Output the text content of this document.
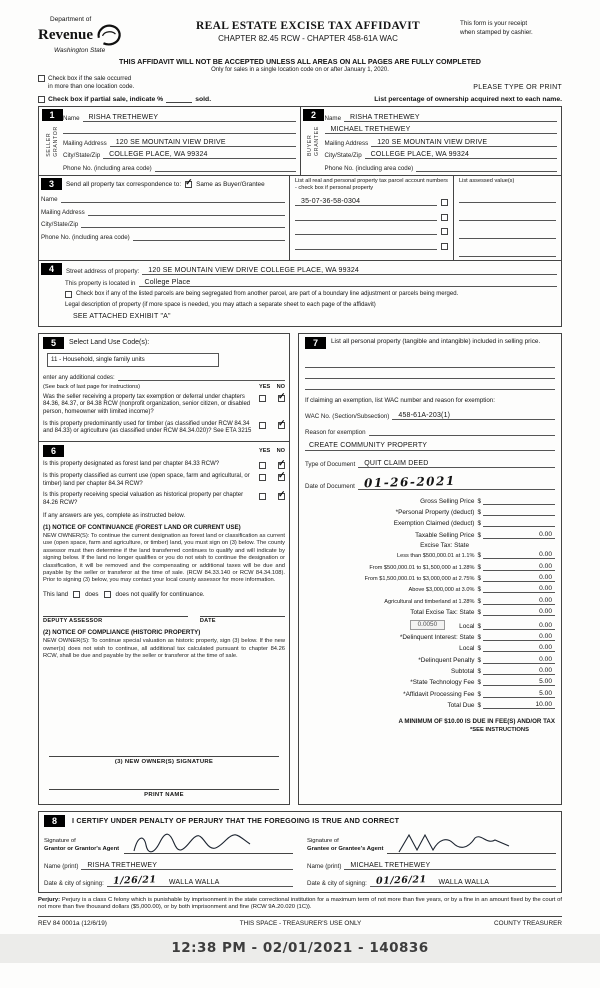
Department of
Revenue
Washington State
REAL ESTATE EXCISE TAX AFFIDAVIT
CHAPTER 82.45 RCW - CHAPTER 458-61A WAC
This form is your receipt
when stamped by cashier.
THIS AFFIDAVIT WILL NOT BE ACCEPTED UNLESS ALL AREAS ON ALL PAGES ARE FULLY COMPLETED
Only for sales in a single location code on or after January 1, 2020.
Check box if the sale occurred
in more than one location code.	PLEASE TYPE OR PRINT
Check box if partial sale, indicate %	sold.	List percentage of ownership acquired next to each name.
1
SELLER GRANTOR
Name	RISHA TRETHEWEY
Mailing Address	120 SE MOUNTAIN VIEW DRIVE
City/State/Zip	COLLEGE PLACE, WA 99324
Phone No. (including area code)
2
BUYER GRANTEE
Name	RISHA TRETHEWEY
MICHAEL TRETHEWEY
Mailing Address	120 SE MOUNTAIN VIEW DRIVE
City/State/Zip	COLLEGE PLACE, WA 99324
Phone No. (including area code)
3	Send all property tax correspondence to: ✓ Same as Buyer/Grantee
Name
Mailing Address
City/State/Zip
Phone No. (including area code)
List all real and personal property tax parcel account numbers - check box if personal property
35-07-36-58-0304
List assessed value(s)
4	Street address of property:	120 SE MOUNTAIN VIEW DRIVE COLLEGE PLACE, WA 99324
This property is located in	College Place
Check box if any of the listed parcels are being segregated from another parcel, are part of a boundary line adjustment or parcels being merged.
Legal description of property (if more space is needed, you may attach a separate sheet to each page of the affidavit)
SEE ATTACHED EXHIBIT "A"
5	Select Land Use Code(s):
11 - Household, single family units
enter any additional codes:
(See back of last page for instructions)	YES NO
Was the seller receiving a property tax exemption or deferral under chapters 84.36, 84.37, or 84.38 RCW (nonprofit organization, senior citizen, or disabled person, homeowner with limited income)?
✓
Is this property predominantly used for timber (as classified under RCW 84.34 and 84.33) or agriculture (as classified under RCW 84.34.020)? See ETA 3215
✓
6	YES NO
Is this property designated as forest land per chapter 84.33 RCW?	✓
Is this property classified as current use (open space, farm and agricultural, or timber) land per chapter 84.34 RCW?
✓
Is this property receiving special valuation as historical property per chapter 84.26 RCW?
✓
If any answers are yes, complete as instructed below.
(1) NOTICE OF CONTINUANCE (FOREST LAND OR CURRENT USE)
NEW OWNER(S): To continue the current designation as forest land or classification as current use (open space, farm and agriculture, or timber) land, you must sign on (3) below. The county assessor must then determine if the land transferred continues to qualify and will indicate by signing below. If the land no longer qualifies or you do not wish to continue the designation or classification, it will be removed and the compensating or additional taxes will be due and payable by the seller or transferor at the time of sale. (RCW 84.33.140 or RCW 84.34.108). Prior to signing (3) below, you may contact your local county assessor for more information.
This land	does	does not qualify for continuance.
DEPUTY ASSESSOR	DATE
(2) NOTICE OF COMPLIANCE (HISTORIC PROPERTY)
NEW OWNER(S): To continue special valuation as historic property, sign (3) below. If the new owner(s) does not wish to continue, all additional tax calculated pursuant to chapter 84.26 RCW, shall be due and payable by the seller or transferor at the time of sale.
(3) NEW OWNER(S) SIGNATURE
PRINT NAME
7	List all personal property (tangible and intangible) included in selling price.
If claiming an exemption, list WAC number and reason for exemption:
WAC No. (Section/Subsection)	458-61A-203(1)
Reason for exemption
CREATE COMMUNITY PROPERTY
Type of Document	QUIT CLAIM DEED
Date of Document 01-26-2021
Gross Selling Price $
*Personal Property (deduct) $
Exemption Claimed (deduct) $
Taxable Selling Price $	0.00
Excise Tax: State
Less than $500,000.01 at 1.1% $	0.00
From $500,000.01 to $1,500,000 at 1.28% $	0.00
From $1,500,000.01 to $3,000,000 at 2.75% $	0.00
Above $3,000,000 at 3.0% $	0.00
Agricultural and timberland at 1.28% $	0.00
Total Excise Tax: State $	0.00
0.0050	Local $	0.00
*Delinquent Interest: State $	0.00
Local $	0.00
*Delinquent Penalty $	0.00
Subtotal $	0.00
*State Technology Fee $	5.00
*Affidavit Processing Fee $	5.00
Total Due $	10.00
A MINIMUM OF $10.00 IS DUE IN FEE(S) AND/OR TAX
*SEE INSTRUCTIONS
8	I CERTIFY UNDER PENALTY OF PERJURY THAT THE FOREGOING IS TRUE AND CORRECT
Signature of
Grantor or Grantor's Agent
Name (print)	RISHA TRETHEWEY
Date & city of signing: 1/26/21 WALLA WALLA
Signature of
Grantee or Grantee's Agent
Name (print)	MICHAEL TRETHEWEY
Date & city of signing: 01/26/21 WALLA WALLA
Perjury: Perjury is a class C felony which is punishable by imprisonment in the state correctional institution for a maximum term of not more than five years, or by a fine in an amount fixed by the court of not more than five thousand dollars ($5,000.00), or by both imprisonment and fine (RCW 9A.20.020 (1C)).
REV 84 0001a (12/6/19)	THIS SPACE - TREASURER'S USE ONLY	COUNTY TREASURER
12:38 PM - 02/01/2021 - 140836
